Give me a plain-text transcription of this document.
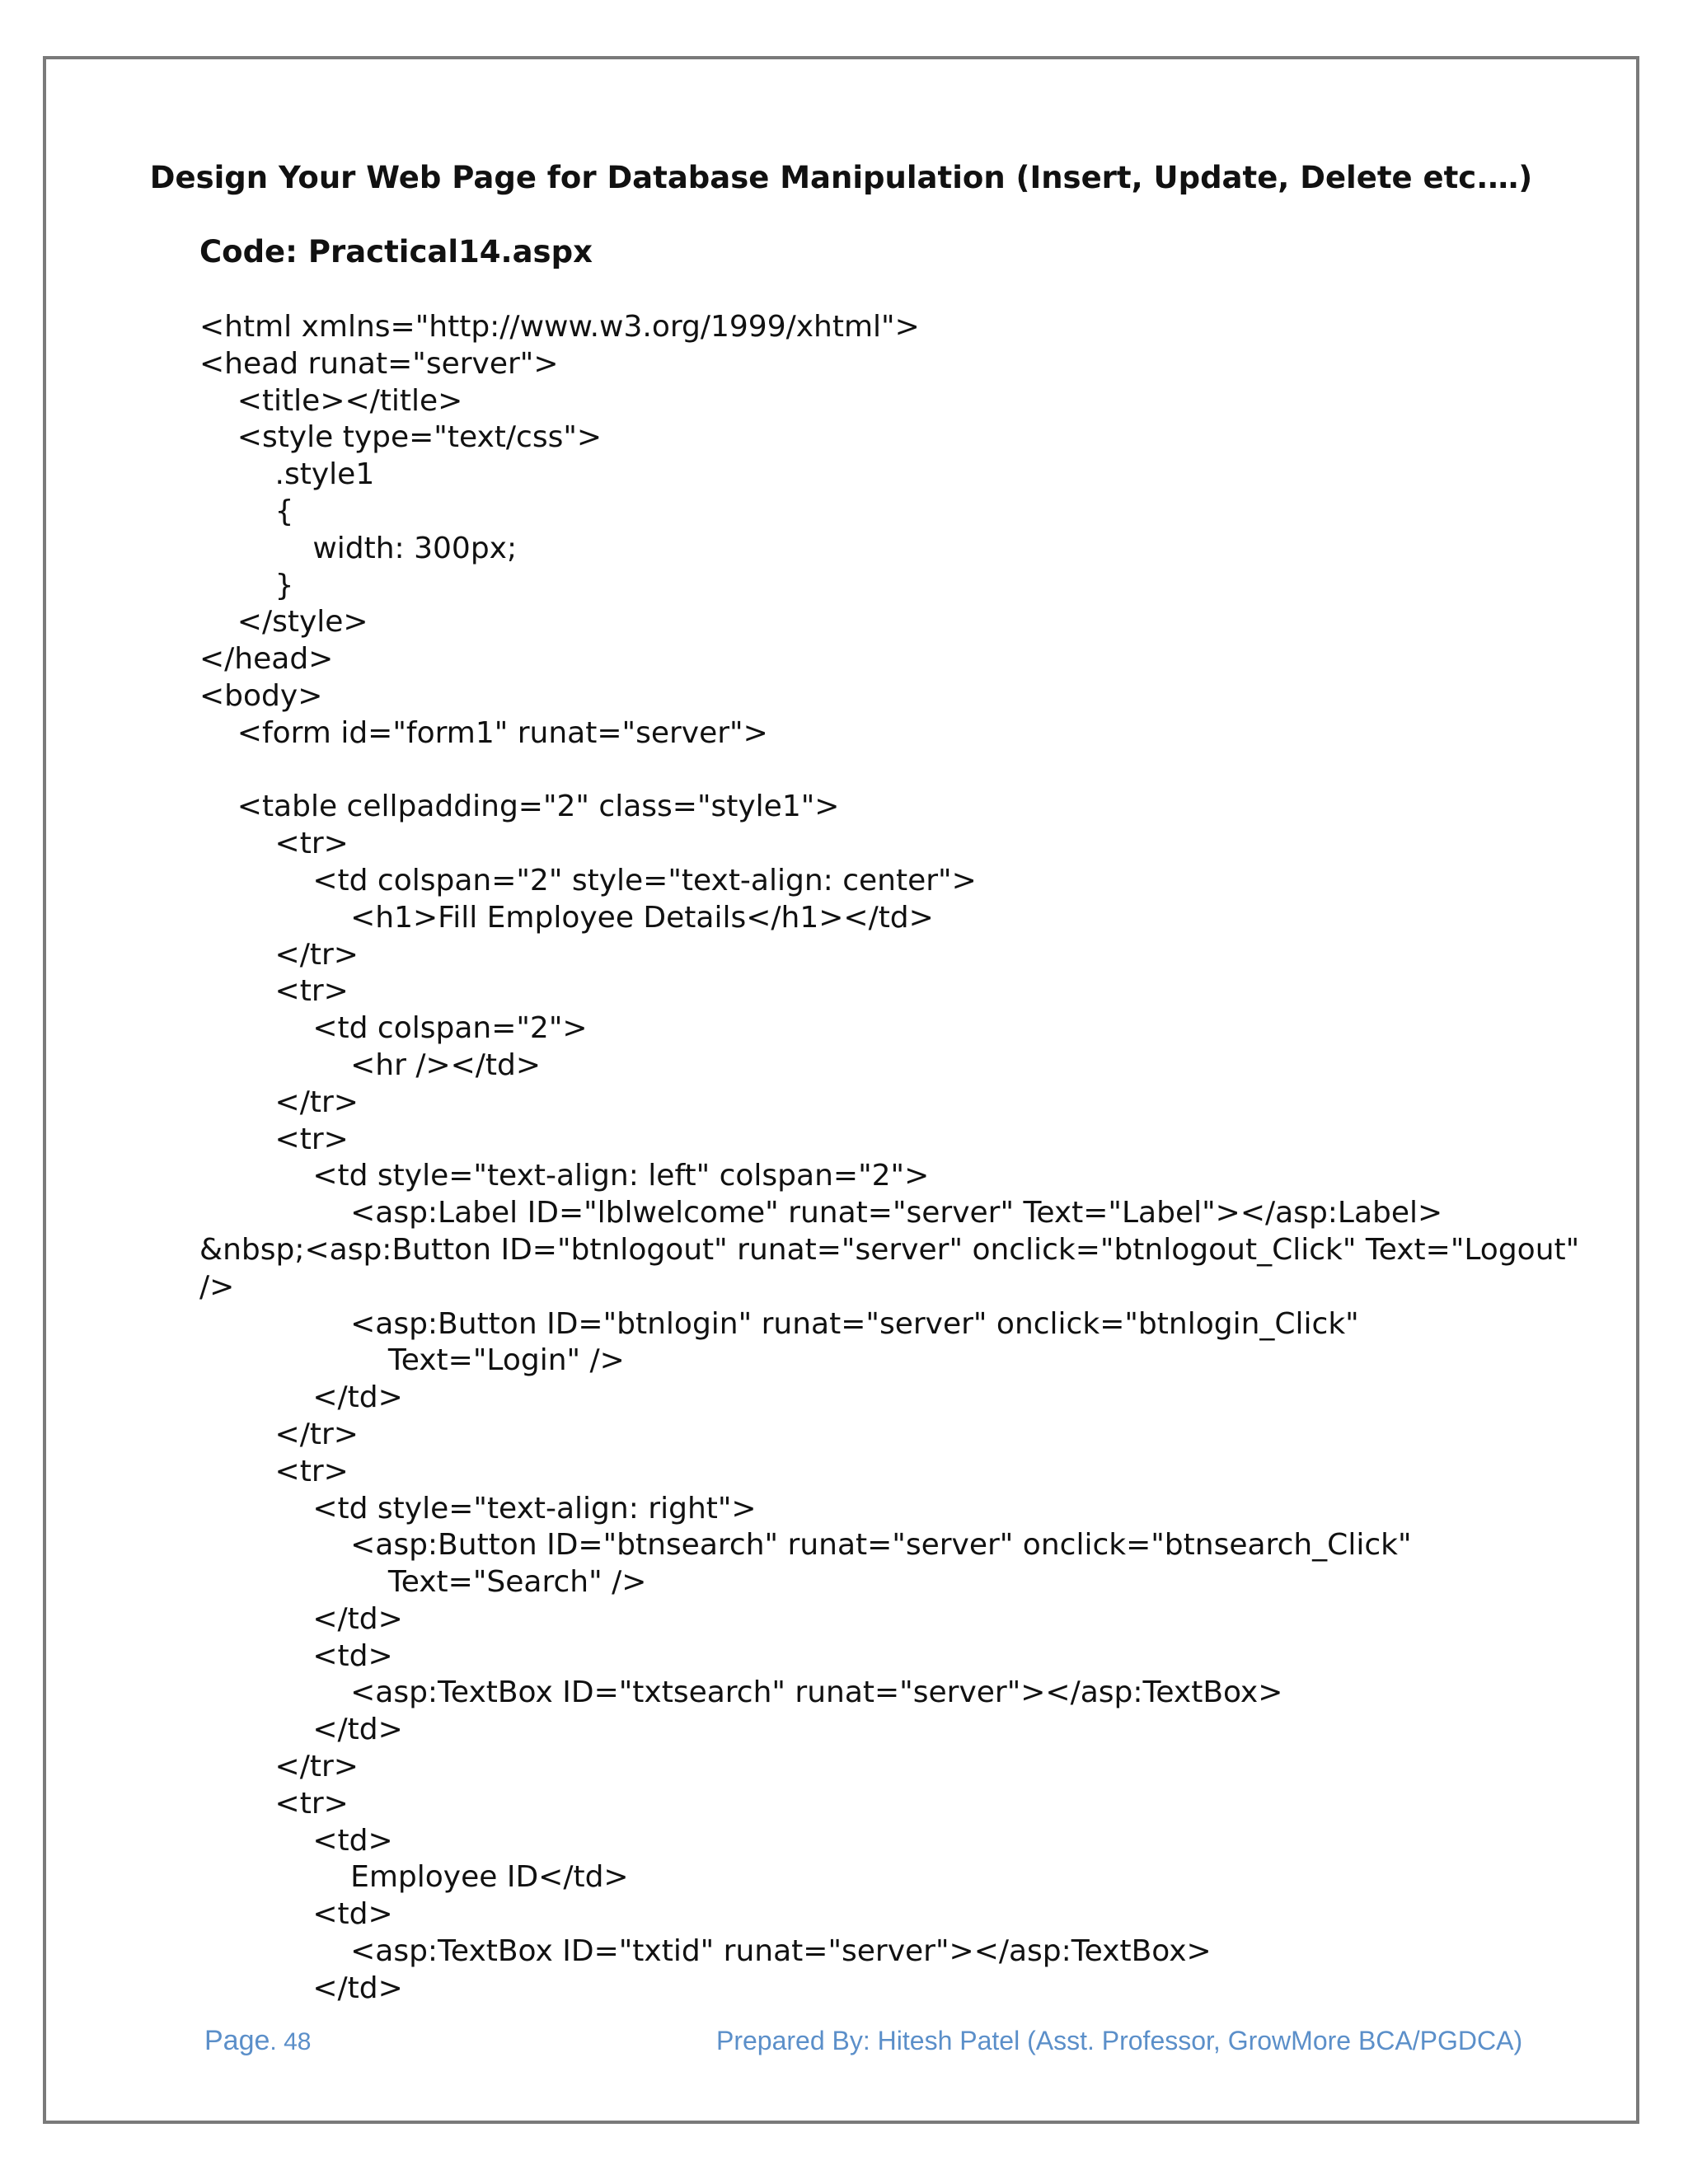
Design Your Web Page for Database Manipulation (Insert, Update, Delete etc.…)
Code: Practical14.aspx
<html xmlns="http://www.w3.org/1999/xhtml">
<head runat="server">
<title></title>
<style type="text/css">
.style1
{
width: 300px;
}
</style>
</head>
<body>
<form id="form1" runat="server">
<table cellpadding="2" class="style1">
<tr>
<td colspan="2" style="text-align: center">
<h1>Fill Employee Details</h1></td>
</tr>
<tr>
<td colspan="2">
<hr /></td>
</tr>
<tr>
<td style="text-align: left" colspan="2">
<asp:Label ID="lblwelcome" runat="server" Text="Label"></asp:Label>
&nbsp;<asp:Button ID="btnlogout" runat="server" onclick="btnlogout_Click" Text="Logout"
/>
<asp:Button ID="btnlogin" runat="server" onclick="btnlogin_Click"
Text="Login" />
</td>
</tr>
<tr>
<td style="text-align: right">
<asp:Button ID="btnsearch" runat="server" onclick="btnsearch_Click"
Text="Search" />
</td>
<td>
<asp:TextBox ID="txtsearch" runat="server"></asp:TextBox>
</td>
</tr>
<tr>
<td>
Employee ID</td>
<td>
<asp:TextBox ID="txtid" runat="server"></asp:TextBox>
</td>
Page. 48	Prepared By: Hitesh Patel (Asst. Professor, GrowMore BCA/PGDCA)
